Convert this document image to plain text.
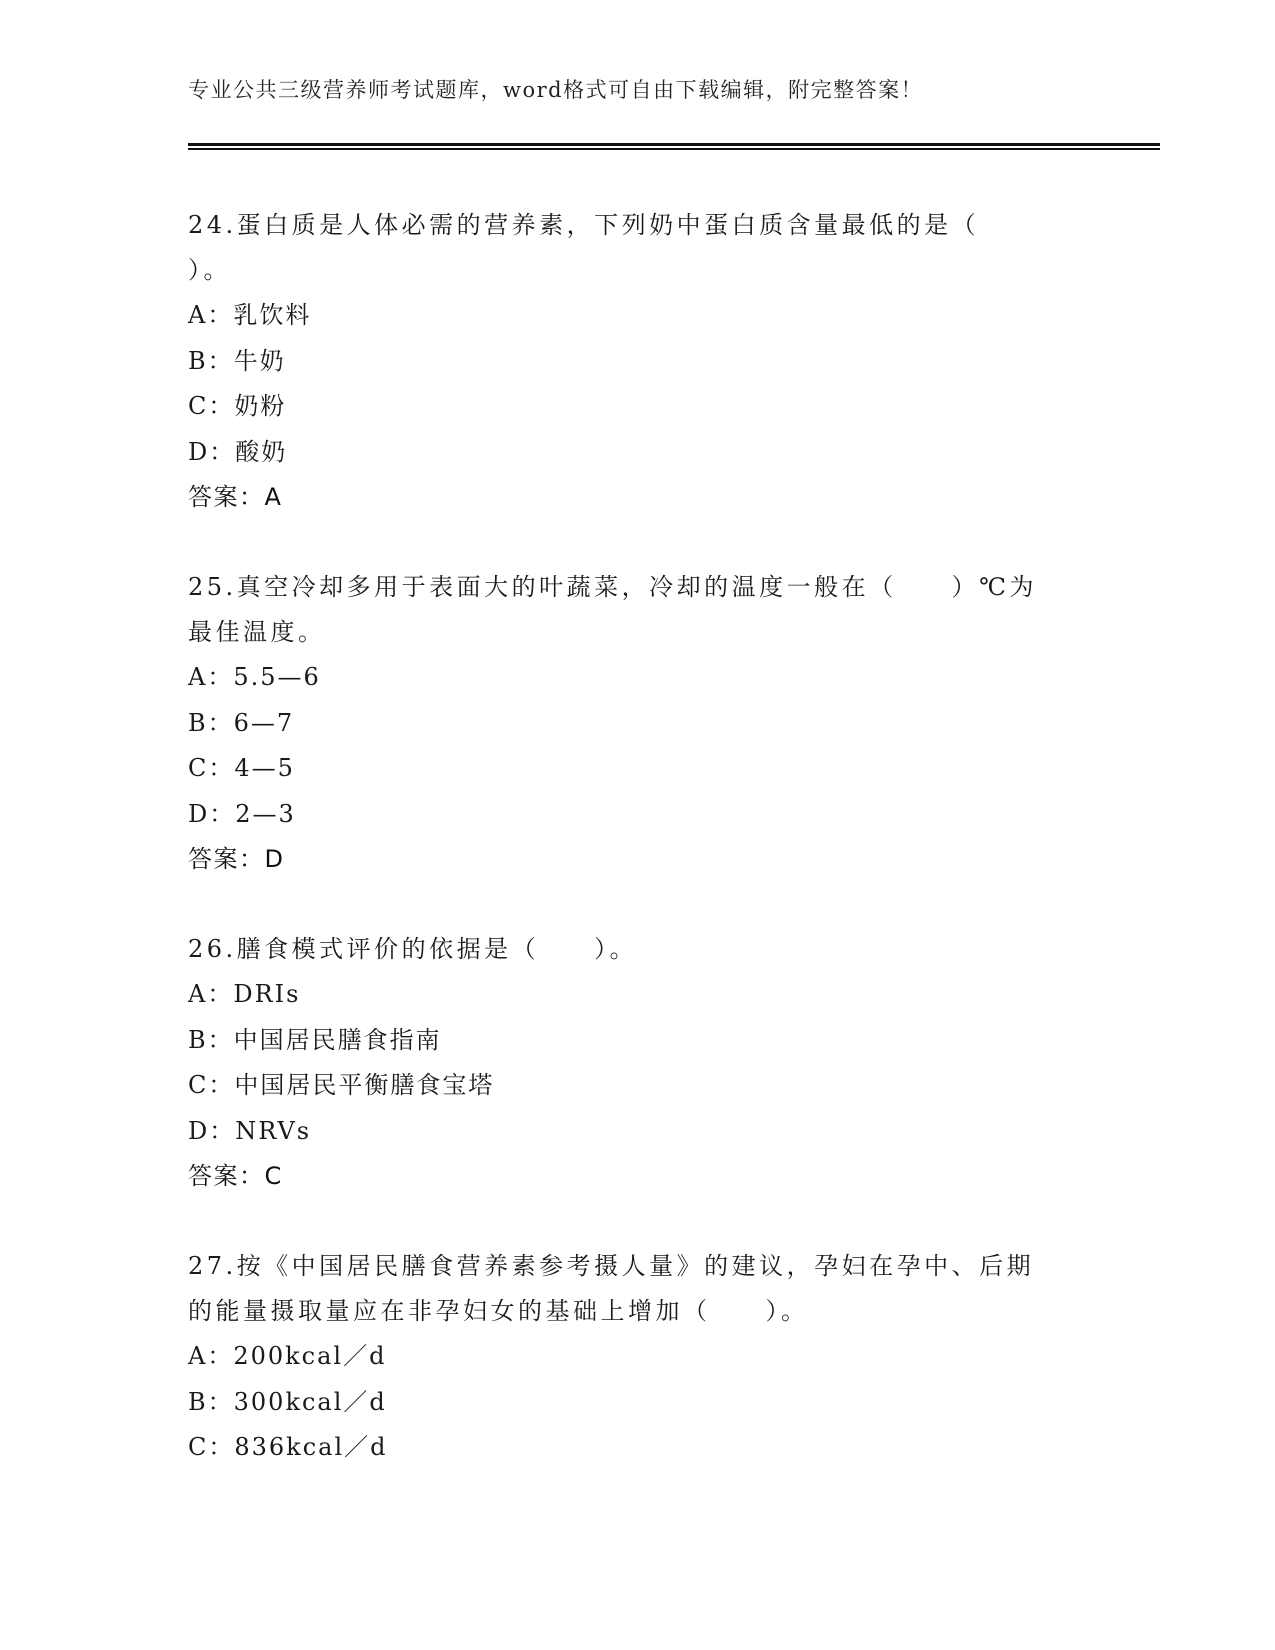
专业公共三级营养师考试题库，word格式可自由下载编辑，附完整答案！
24.蛋白质是人体必需的营养素，下列奶中蛋白质含量最低的是（
）。
A：乳饮料
B：牛奶
C：奶粉
D：酸奶
答案：A
25.真空冷却多用于表面大的叶蔬菜，冷却的温度一般在（　　）℃为
最佳温度。
A：5.5—6
B：6—7
C：4—5
D：2—3
答案：D
26.膳食模式评价的依据是（　　）。
A：DRIs
B：中国居民膳食指南
C：中国居民平衡膳食宝塔
D：NRVs
答案：C
27.按《中国居民膳食营养素参考摄人量》的建议，孕妇在孕中、后期
的能量摄取量应在非孕妇女的基础上增加（　　）。
A：200kcal／d
B：300kcal／d
C：836kcal／d
